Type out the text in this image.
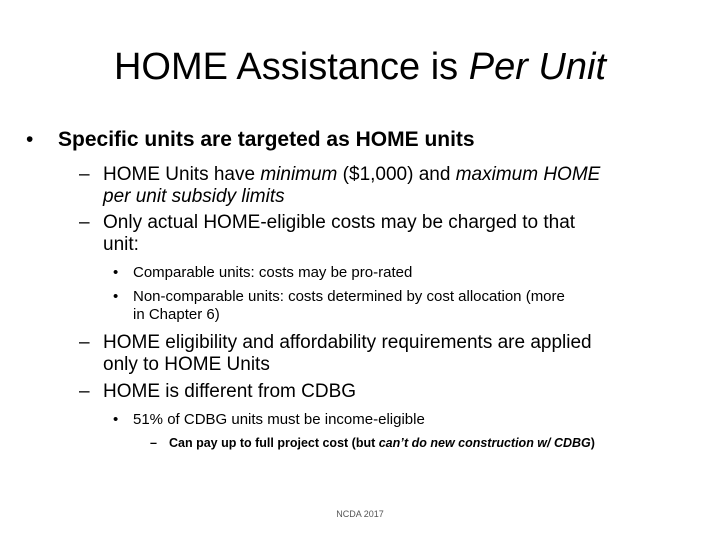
HOME Assistance is Per Unit
• Specific units are targeted as HOME units
– HOME Units have minimum ($1,000) and maximum HOME
per unit subsidy limits
– Only actual HOME-eligible costs may be charged to that
unit:
• Comparable units: costs may be pro-rated
• Non-comparable units: costs determined by cost allocation (more
in Chapter 6)
– HOME eligibility and affordability requirements are applied
only to HOME Units
– HOME is different from CDBG
• 51% of CDBG units must be income-eligible
– Can pay up to full project cost (but can’t do new construction w/ CDBG)
NCDA 2017
